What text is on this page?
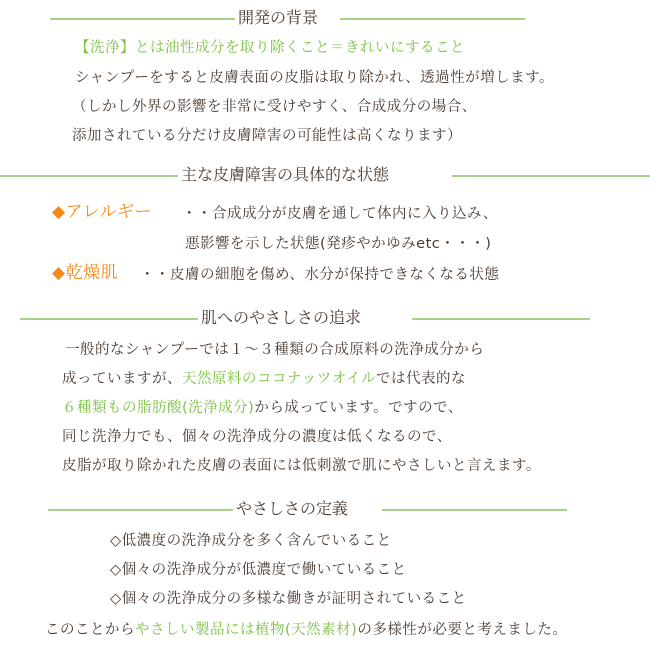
開発の背景
【洗浄】とは油性成分を取り除くこと＝きれいにすること
シャンプーをすると皮膚表面の皮脂は取り除かれ、透過性が増します。
（しかし外界の影響を非常に受けやすく、合成成分の場合、
添加されている分だけ皮膚障害の可能性は高くなります）
主な皮膚障害の具体的な状態
◆アレルギー ・・合成成分が皮膚を通して体内に入り込み、
悪影響を示した状態(発疹やかゆみetc・・・)
◆乾燥肌 ・・皮膚の細胞を傷め、水分が保持できなくなる状態
肌へのやさしさの追求
一般的なシャンプーでは１～３種類の合成原料の洗浄成分から
成っていますが、天然原料のココナッツオイルでは代表的な
６種類もの脂肪酸(洗浄成分)から成っています。ですので、
同じ洗浄力でも、個々の洗浄成分の濃度は低くなるので、
皮脂が取り除かれた皮膚の表面には低刺激で肌にやさしいと言えます。
やさしさの定義
◇低濃度の洗浄成分を多く含んでいること
◇個々の洗浄成分が低濃度で働いていること
◇個々の洗浄成分の多様な働きが証明されていること
このことからやさしい製品には植物(天然素材)の多様性が必要と考えました。
